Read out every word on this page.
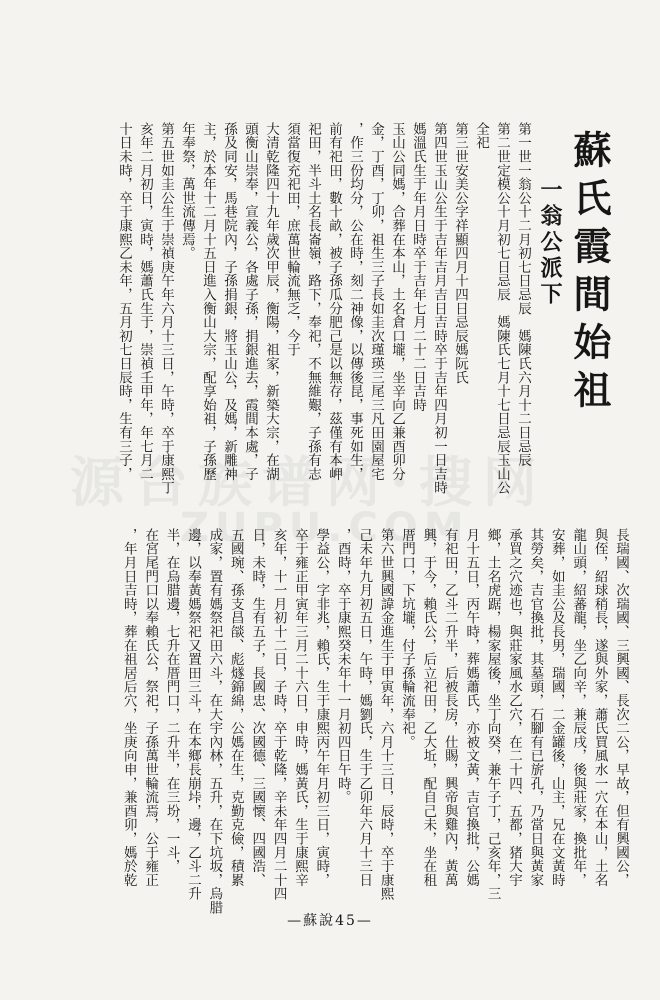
源台族谱网·搜网
ZUPU.COM
蘇氏霞間始祖
一翁公派下
第一世一翁公十二月初七日忌辰　媽陳氏六月十二日忌辰
第二世定模公十月初七日忌辰　媽陳氏七月十七日忌辰玉山公
全祀
第三世安美公字祥顯四月十四日忌辰媽阮氏
第四世玉山公生于吉年吉月吉日吉時卒于吉年四月初一日吉時
媽溫氏生于年月日時卒于吉年七月二十二日吉時
玉山公同媽，合葬在本山，土名倉口壠，坐辛向乙兼酉卯分
金，丁酉，丁卯，祖生三子長如圭次瑾瑛三尾三凡田園屋宅
，作三份均分，公在時，刻二神像，以傳後昆，事死如生，
前有祀田，數十畝，被子孫瓜分肥己是以無存，茲僅有本岬
祀田，半斗土名長崙嶺，路下，奉祀，不無維艱，子孫有志
須當復充祀田，庶萬世輪流無乏，今于
大清乾隆四十九年歲次甲辰，衡陽，祖家，新築大宗，在湖
頭衡山崇奉，宣義公，各處子孫，捐銀進去，霞間本處，子
孫及同安，馬巷院內，子孫捐銀，將玉山公，及媽，新雕神
主，於本年十二月十五日進入衡山大宗，配享始祖，子孫歷
年奉祭，萬世流傳焉。
第五世如圭公生于崇禎庚午年六月十三日，午時，卒于康熙丁
亥年二月初日，寅時，媽蕭氏生于，崇禎壬甲年，年七月二
十日未時，卒于康熙乙未年，五月初七日辰時，生有三子，
長瑞國、次瑞國、三興國、長次二公，早故，但有興國公，
與侄，紹球稍長，遂與外家，蕭氏買風水一穴在本山，土名
龍山頭，紹蕃龍，坐乙向辛，兼辰戌，後與莊家，換批年，
安葬，如圭公及長男，瑞國，二金罐後，山主，兄在文黃時
其勞矣，吉官換批，其墓頭，石腳有已旂孔，乃當日與黃家
承買之穴迹也，與莊家風水乙穴，在二十四、五都，猪大宇
鄉，土名虎踞，楊家屋後，坐丁向癸，兼午子丁，己亥年，三
月十五日，丙午時，葬媽蕭氏，亦被文黃，吉官換批，公媽
有祀田，乙斗二升半，后被長房，仕賜，興帝與雞內，黃萬
興，于今，賴氏公，后立祀田，乙大坵，配自己未，坐在租
厝門口，下坑壠，付子孫輪流奉祀。
第六世興國諱金進生于甲寅年，六月十三日，辰時，卒于康熙
己未年九月初五日，午時，媽劉氏，生于乙卯年六月十三日
，酉時，卒于康熙癸未年十一月初四日午時。
學益公，字非兆，賴氏，生于康熙丙午年月初三日，寅時，
卒于雍正甲寅年三月二十六日，申時，媽黃氏，生于康熙辛
亥年，十一月初十二日，子時，卒于乾隆，辛未年四月二十四
日，未時，生有五子，長國忠、次國德、三國懷、四國浩、
五國琬、孫支昌燄、彪燧錦綿，公媽在生，克勤克儉，積累
成家，置有媽祭祀田六斗，在大宇內林，五升，在下坑坂，烏腊
邊，以奉黃媽祭祀又置田三斗，在本鄉長崩垰，邊，乙斗二升
半，在烏腊邊，七升在厝門口，二升半，在三坋，一斗，
在宮尾門口以奉賴氏公，祭祀，子孫萬世輪流焉，公于雍正
，年月日吉時，葬在祖居后穴，坐庚向申，兼酉卯，媽於乾
—蘇說45—
